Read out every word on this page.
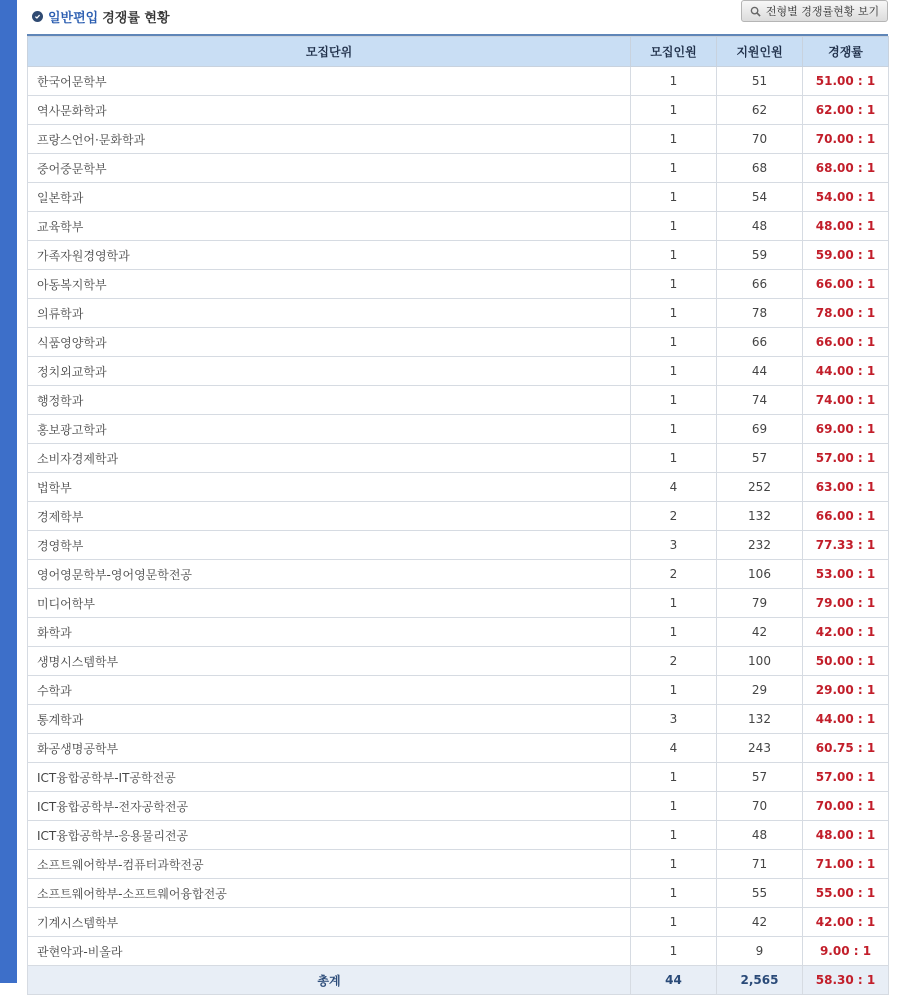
일반편입 경쟁률 현황	전형별 경쟁률현황 보기
모집단위	모집인원	지원인원	경쟁률
한국어문학부	1	51	51.00 : 1
역사문화학과	1	62	62.00 : 1
프랑스언어·문화학과	1	70	70.00 : 1
중어중문학부	1	68	68.00 : 1
일본학과	1	54	54.00 : 1
교육학부	1	48	48.00 : 1
가족자원경영학과	1	59	59.00 : 1
아동복지학부	1	66	66.00 : 1
의류학과	1	78	78.00 : 1
식품영양학과	1	66	66.00 : 1
정치외교학과	1	44	44.00 : 1
행정학과	1	74	74.00 : 1
홍보광고학과	1	69	69.00 : 1
소비자경제학과	1	57	57.00 : 1
법학부	4	252	63.00 : 1
경제학부	2	132	66.00 : 1
경영학부	3	232	77.33 : 1
영어영문학부-영어영문학전공	2	106	53.00 : 1
미디어학부	1	79	79.00 : 1
화학과	1	42	42.00 : 1
생명시스템학부	2	100	50.00 : 1
수학과	1	29	29.00 : 1
통계학과	3	132	44.00 : 1
화공생명공학부	4	243	60.75 : 1
ICT융합공학부-IT공학전공	1	57	57.00 : 1
ICT융합공학부-전자공학전공	1	70	70.00 : 1
ICT융합공학부-응용물리전공	1	48	48.00 : 1
소프트웨어학부-컴퓨터과학전공	1	71	71.00 : 1
소프트웨어학부-소프트웨어융합전공	1	55	55.00 : 1
기계시스템학부	1	42	42.00 : 1
관현악과-비올라	1	9	9.00 : 1
총계	44	2,565	58.30 : 1
